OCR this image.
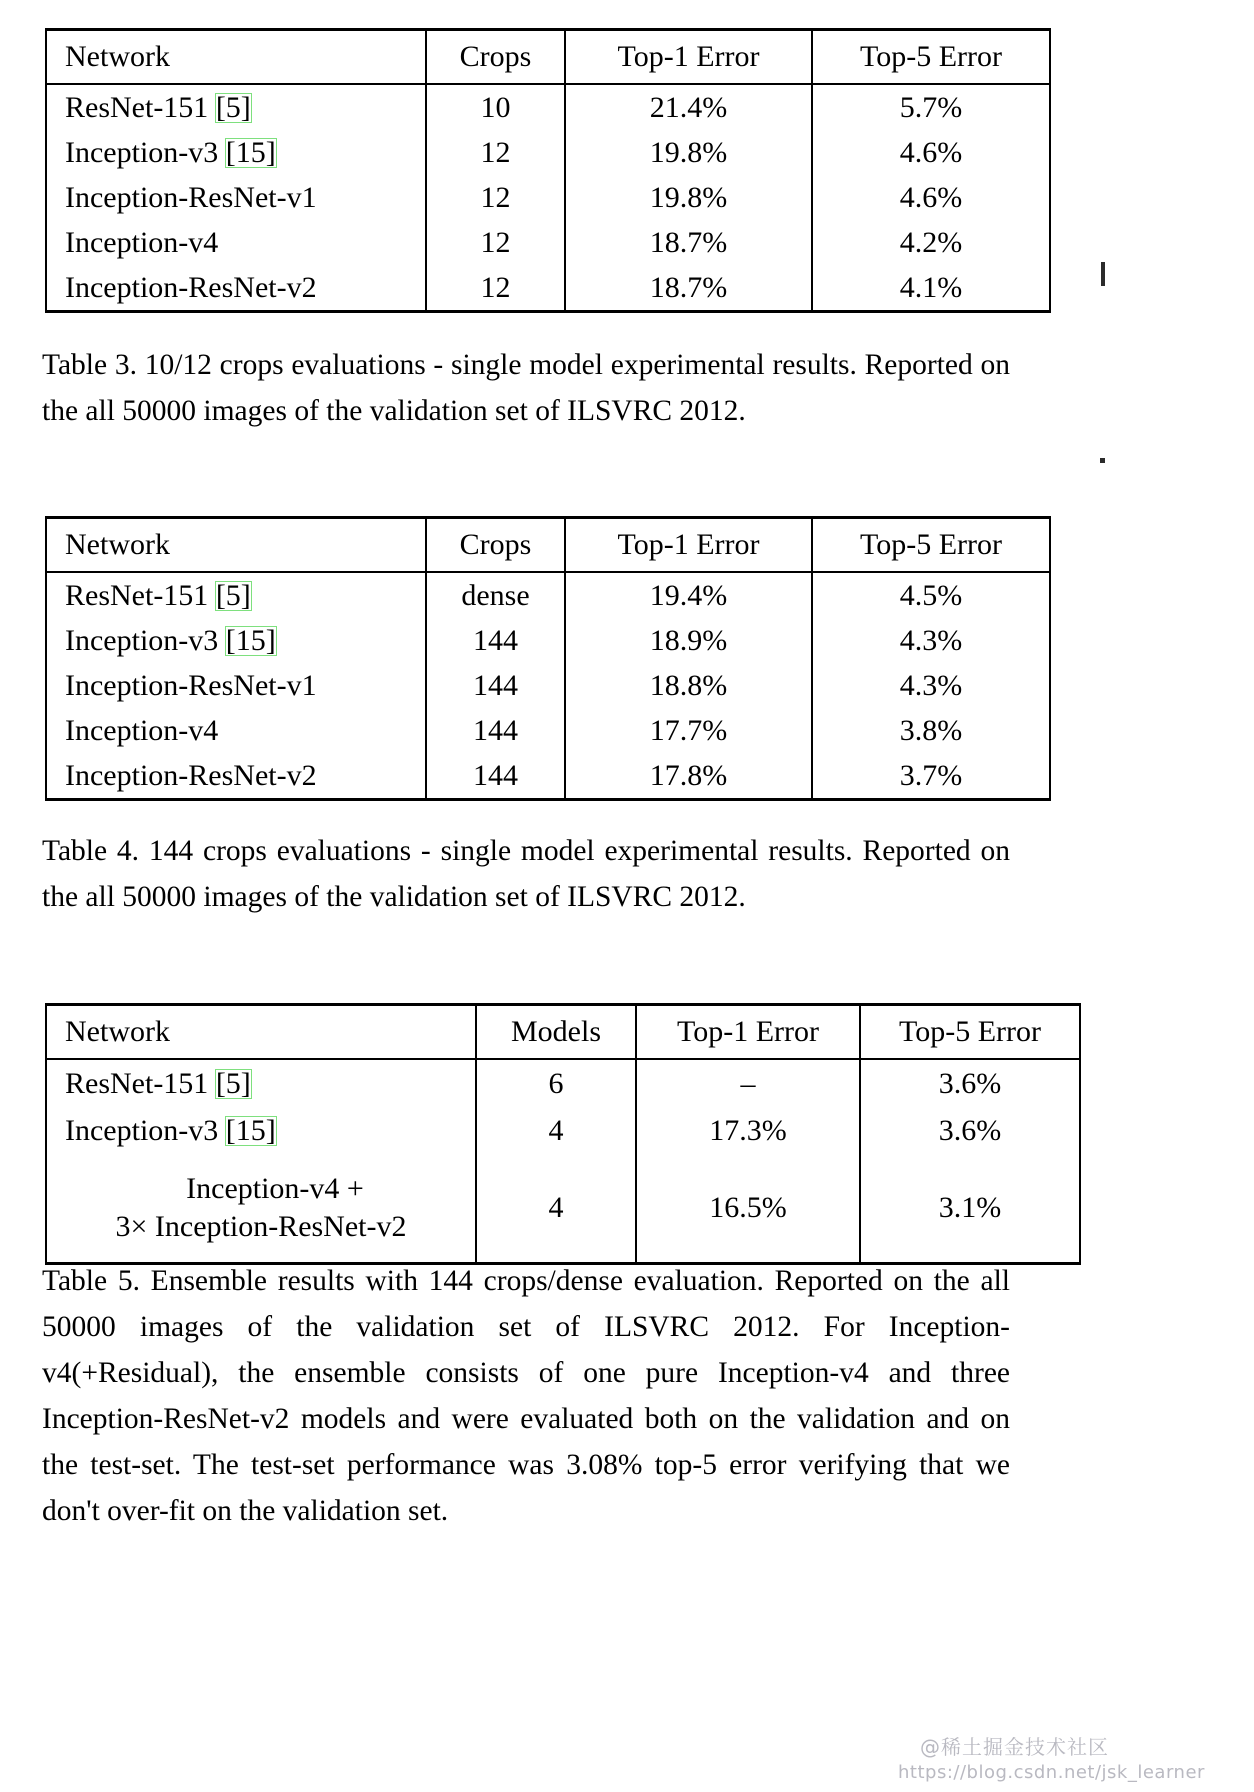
Network	Crops	Top-1 Error	Top-5 Error
ResNet-151 [5]	10	21.4%	5.7%
Inception-v3 [15]	12	19.8%	4.6%
Inception-ResNet-v1	12	19.8%	4.6%
Inception-v4	12	18.7%	4.2%
Inception-ResNet-v2	12	18.7%	4.1%
Table 3. 10/12 crops evaluations - single model experimental results. Reported on the all 50000 images of the validation set of ILSVRC 2012.
Network	Crops	Top-1 Error	Top-5 Error
ResNet-151 [5]	dense	19.4%	4.5%
Inception-v3 [15]	144	18.9%	4.3%
Inception-ResNet-v1	144	18.8%	4.3%
Inception-v4	144	17.7%	3.8%
Inception-ResNet-v2	144	17.8%	3.7%
Table 4. 144 crops evaluations - single model experimental results. Reported on the all 50000 images of the validation set of ILSVRC 2012.
Network	Models	Top-1 Error	Top-5 Error
ResNet-151 [5]	6	–	3.6%
Inception-v3 [15]	4	17.3%	3.6%

Inception-v4 +
3× Inception-ResNet-v2	4	16.5%	3.1%
Table 5. Ensemble results with 144 crops/dense evaluation. Reported on the all 50000 images of the validation set of ILSVRC 2012. For Inception-v4(+Residual), the ensemble consists of one pure Inception-v4 and three Inception-ResNet-v2 models and were evaluated both on the validation and on the test-set. The test-set performance was 3.08% top-5 error verifying that we don't over-fit on the validation set.
@稀土掘金技术社区
https://blog.csdn.net/jsk_learner
